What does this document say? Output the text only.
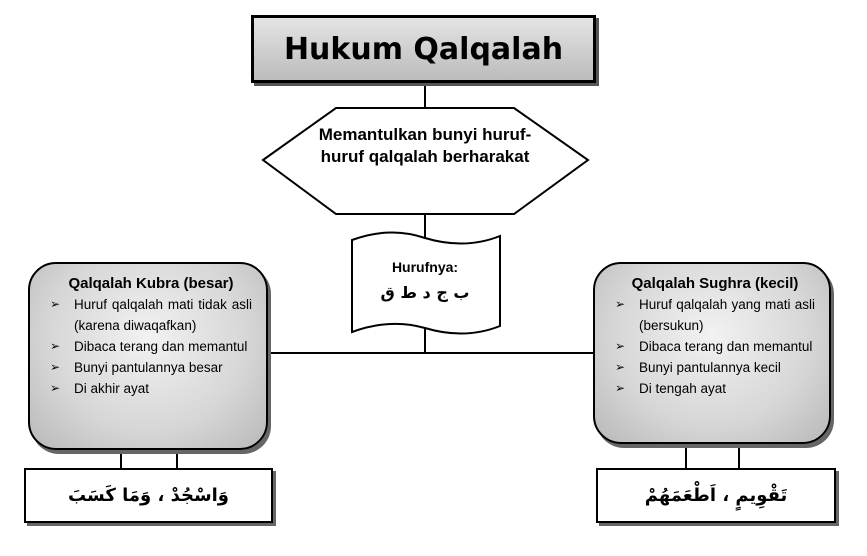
Hukum Qalqalah
Memantulkan bunyi huruf-huruf qalqalah berharakat
Hurufnya:
ب ج د ط ق
Qalqalah Kubra (besar)
➢ Huruf qalqalah mati tidak asli (karena diwaqafkan)
➢ Dibaca terang dan memantul
➢ Bunyi pantulannya besar
➢ Di akhir ayat
Qalqalah Sughra (kecil)
➢ Huruf qalqalah yang mati asli (bersukun)
➢ Dibaca terang dan memantul
➢ Bunyi pantulannya kecil
➢ Di tengah ayat
وَاسْجُدْ ، وَمَا كَسَبَ	تَقْوِيمٍ ، اَطْعَمَهُمْ
